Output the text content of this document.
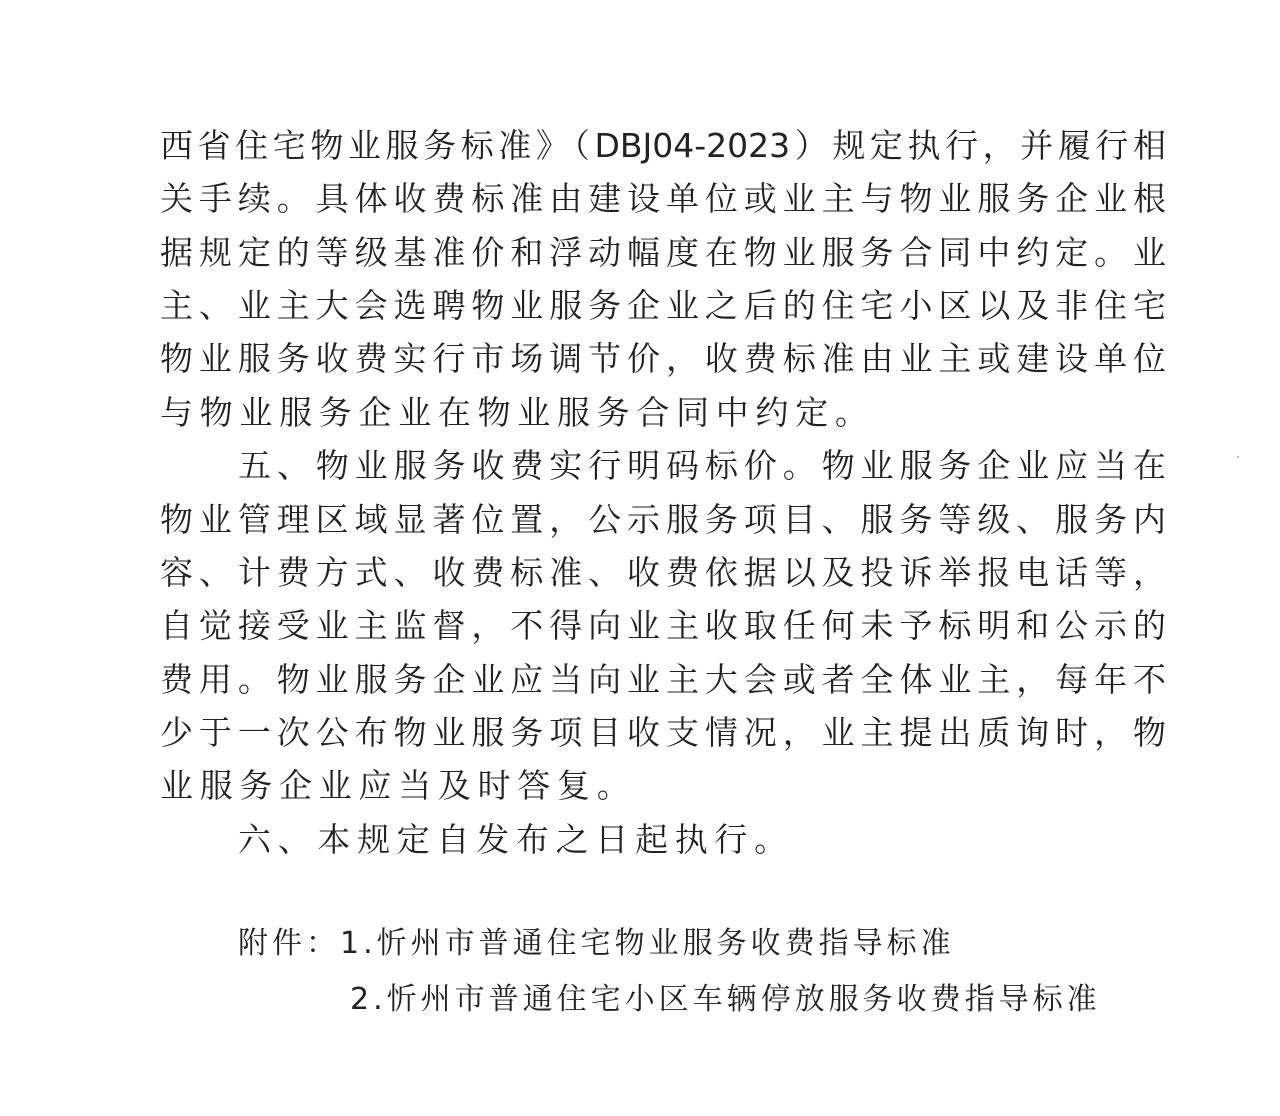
西省住宅物业服务标准》（DBJ04-2023）规定执行，并履行相
关手续。具体收费标准由建设单位或业主与物业服务企业根
据规定的等级基准价和浮动幅度在物业服务合同中约定。业
主、业主大会选聘物业服务企业之后的住宅小区以及非住宅
物业服务收费实行市场调节价，收费标准由业主或建设单位
与物业服务企业在物业服务合同中约定。
五、物业服务收费实行明码标价。物业服务企业应当在
物业管理区域显著位置，公示服务项目、服务等级、服务内
容、计费方式、收费标准、收费依据以及投诉举报电话等，
自觉接受业主监督，不得向业主收取任何未予标明和公示的
费用。物业服务企业应当向业主大会或者全体业主，每年不
少于一次公布物业服务项目收支情况，业主提出质询时，物
业服务企业应当及时答复。
六、本规定自发布之日起执行。
附件：1.忻州市普通住宅物业服务收费指导标准
2.忻州市普通住宅小区车辆停放服务收费指导标准
